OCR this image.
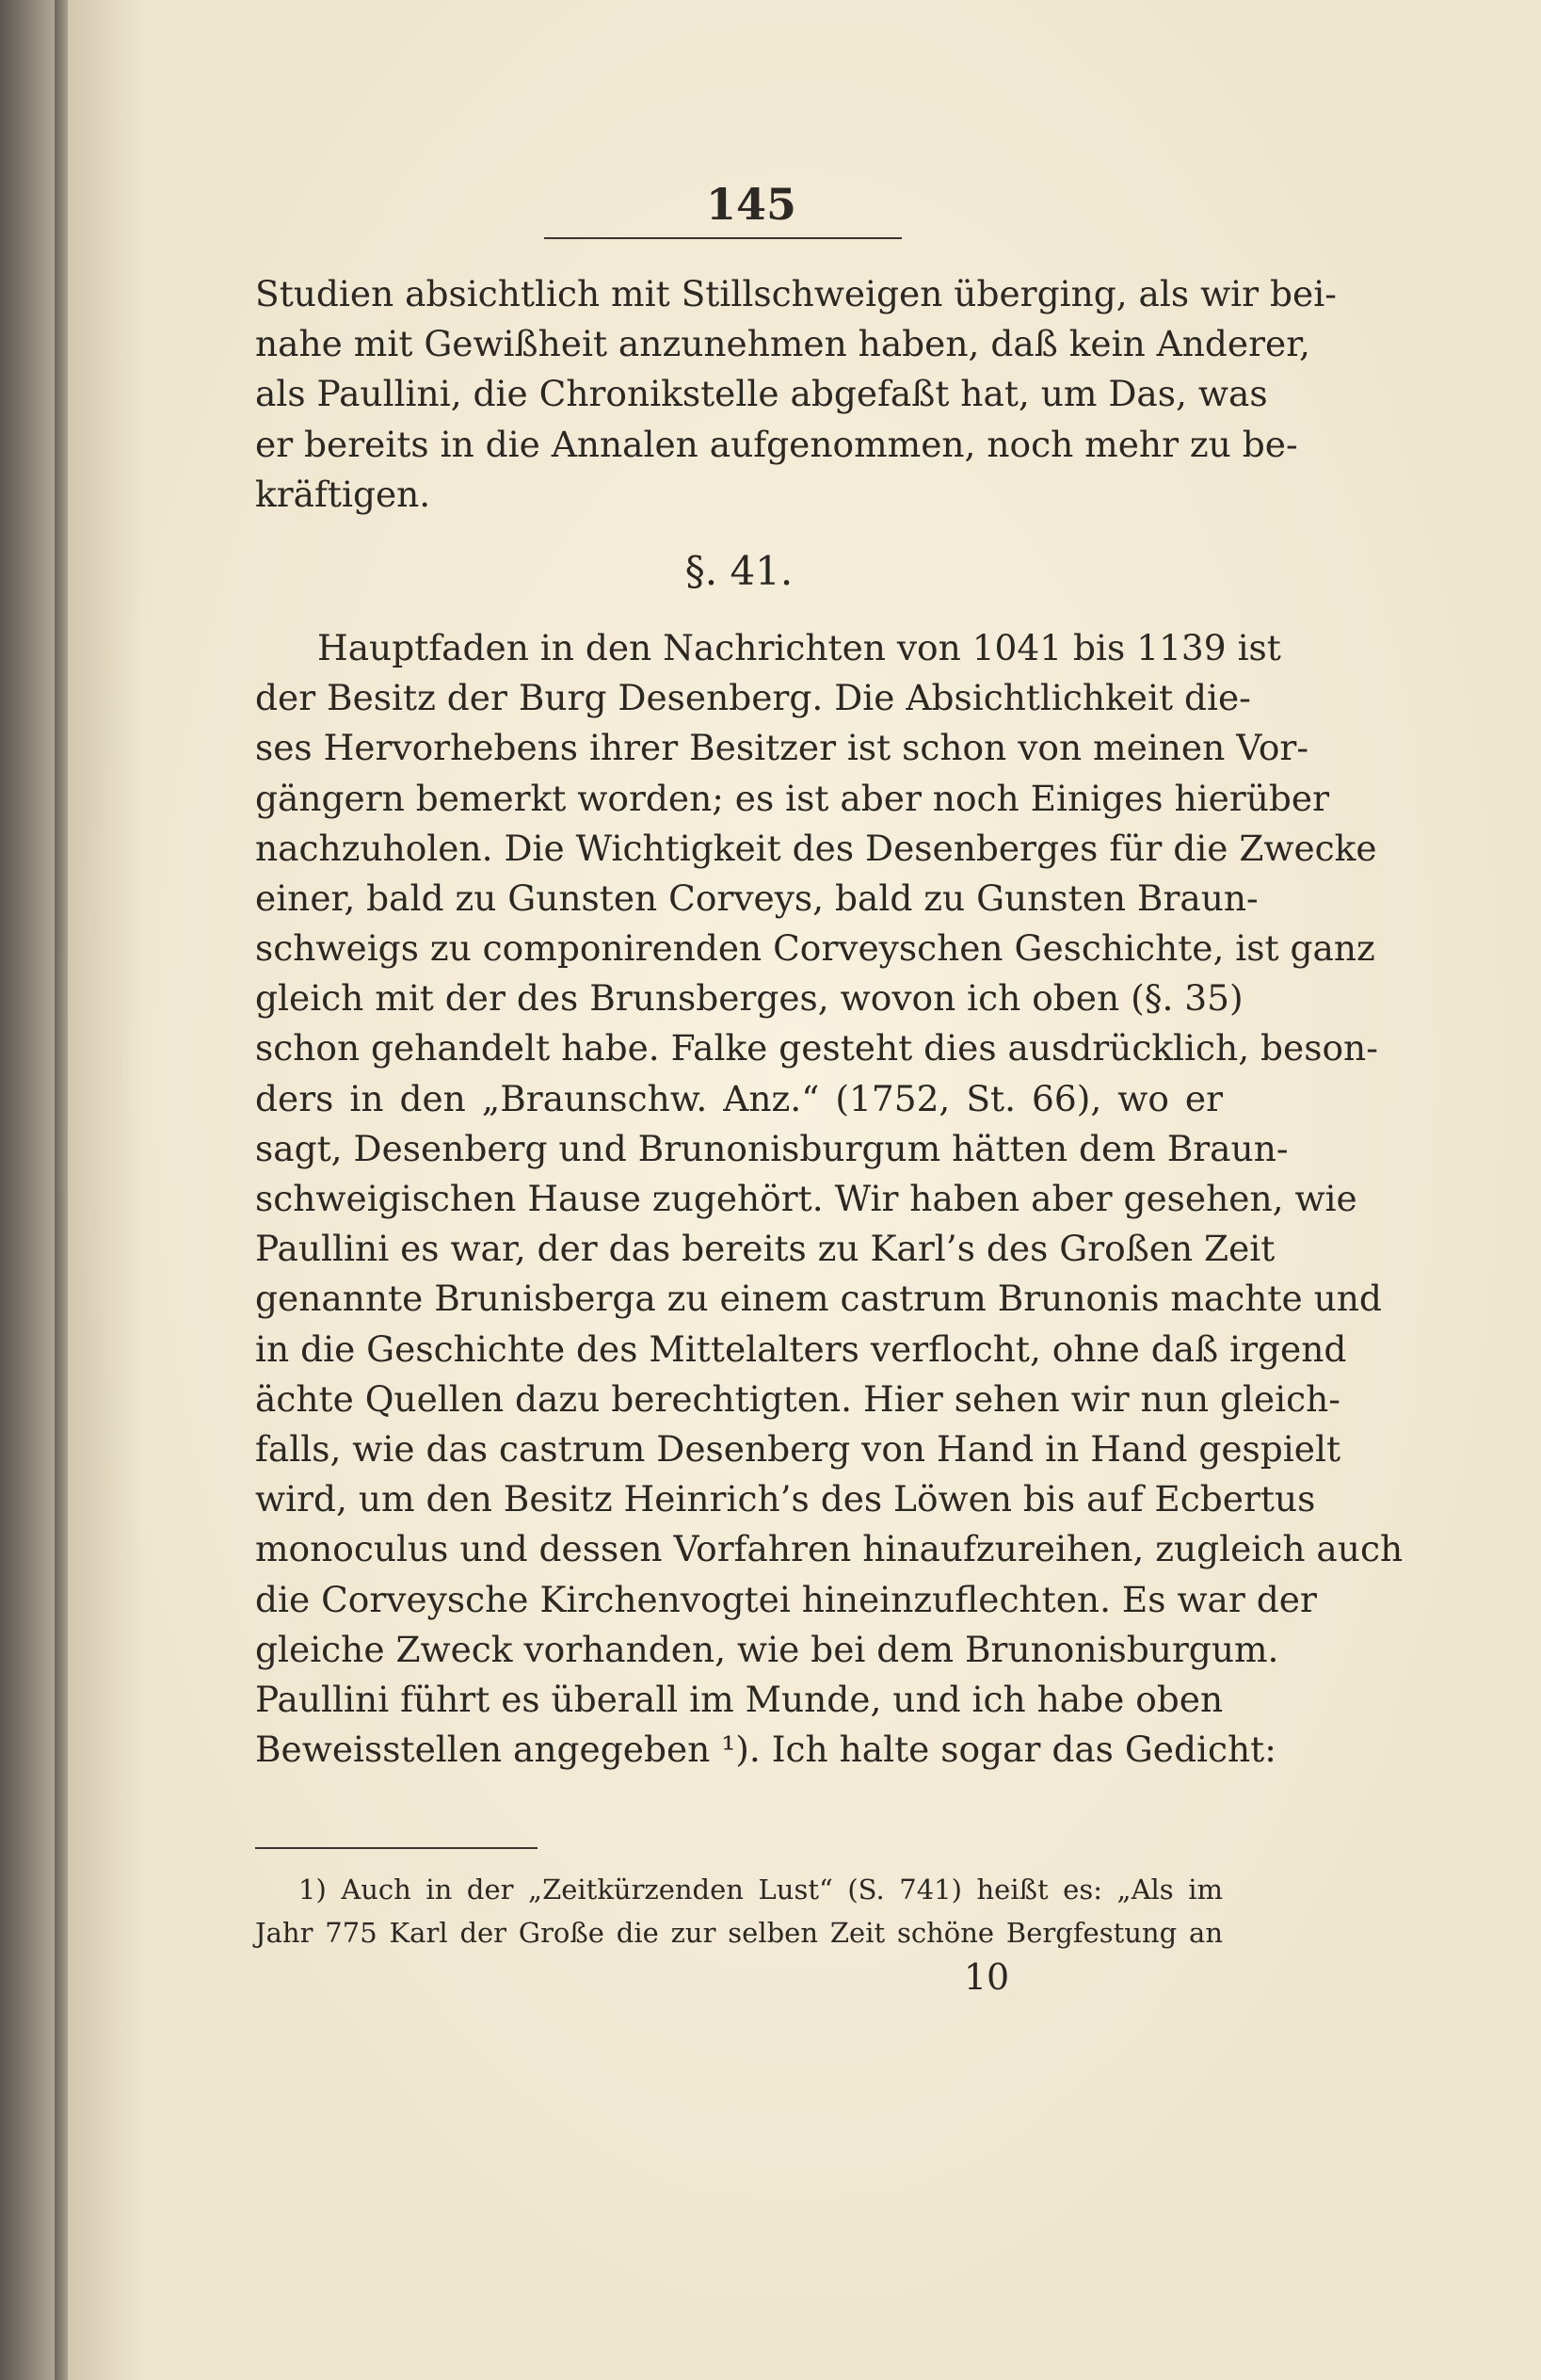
145
Studien absichtlich mit Stillschweigen überging, als wir bei-
nahe mit Gewißheit anzunehmen haben, daß kein Anderer,
als Paullini, die Chronikstelle abgefaßt hat, um Das, was
er bereits in die Annalen aufgenommen, noch mehr zu be-
kräftigen.
§. 41.
Hauptfaden in den Nachrichten von 1041 bis 1139 ist
der Besitz der Burg Desenberg. Die Absichtlichkeit die-
ses Hervorhebens ihrer Besitzer ist schon von meinen Vor-
gängern bemerkt worden; es ist aber noch Einiges hierüber
nachzuholen. Die Wichtigkeit des Desenberges für die Zwecke
einer, bald zu Gunsten Corveys, bald zu Gunsten Braun-
schweigs zu componirenden Corveyschen Geschichte, ist ganz
gleich mit der des Brunsberges, wovon ich oben (§. 35)
schon gehandelt habe. Falke gesteht dies ausdrücklich, beson-
ders in den „Braunschw. Anz.“ (1752, St. 66), wo er
sagt, Desenberg und Brunonisburgum hätten dem Braun-
schweigischen Hause zugehört. Wir haben aber gesehen, wie
Paullini es war, der das bereits zu Karl’s des Großen Zeit
genannte Brunisberga zu einem castrum Brunonis machte und
in die Geschichte des Mittelalters verflocht, ohne daß irgend
ächte Quellen dazu berechtigten. Hier sehen wir nun gleich-
falls, wie das castrum Desenberg von Hand in Hand gespielt
wird, um den Besitz Heinrich’s des Löwen bis auf Ecbertus
monoculus und dessen Vorfahren hinaufzureihen, zugleich auch
die Corveysche Kirchenvogtei hineinzuflechten. Es war der
gleiche Zweck vorhanden, wie bei dem Brunonisburgum.
Paullini führt es überall im Munde, und ich habe oben
Beweisstellen angegeben ¹). Ich halte sogar das Gedicht:
1) Auch in der „Zeitkürzenden Lust“ (S. 741) heißt es: „Als im
Jahr 775 Karl der Große die zur selben Zeit schöne Bergfestung an
10
